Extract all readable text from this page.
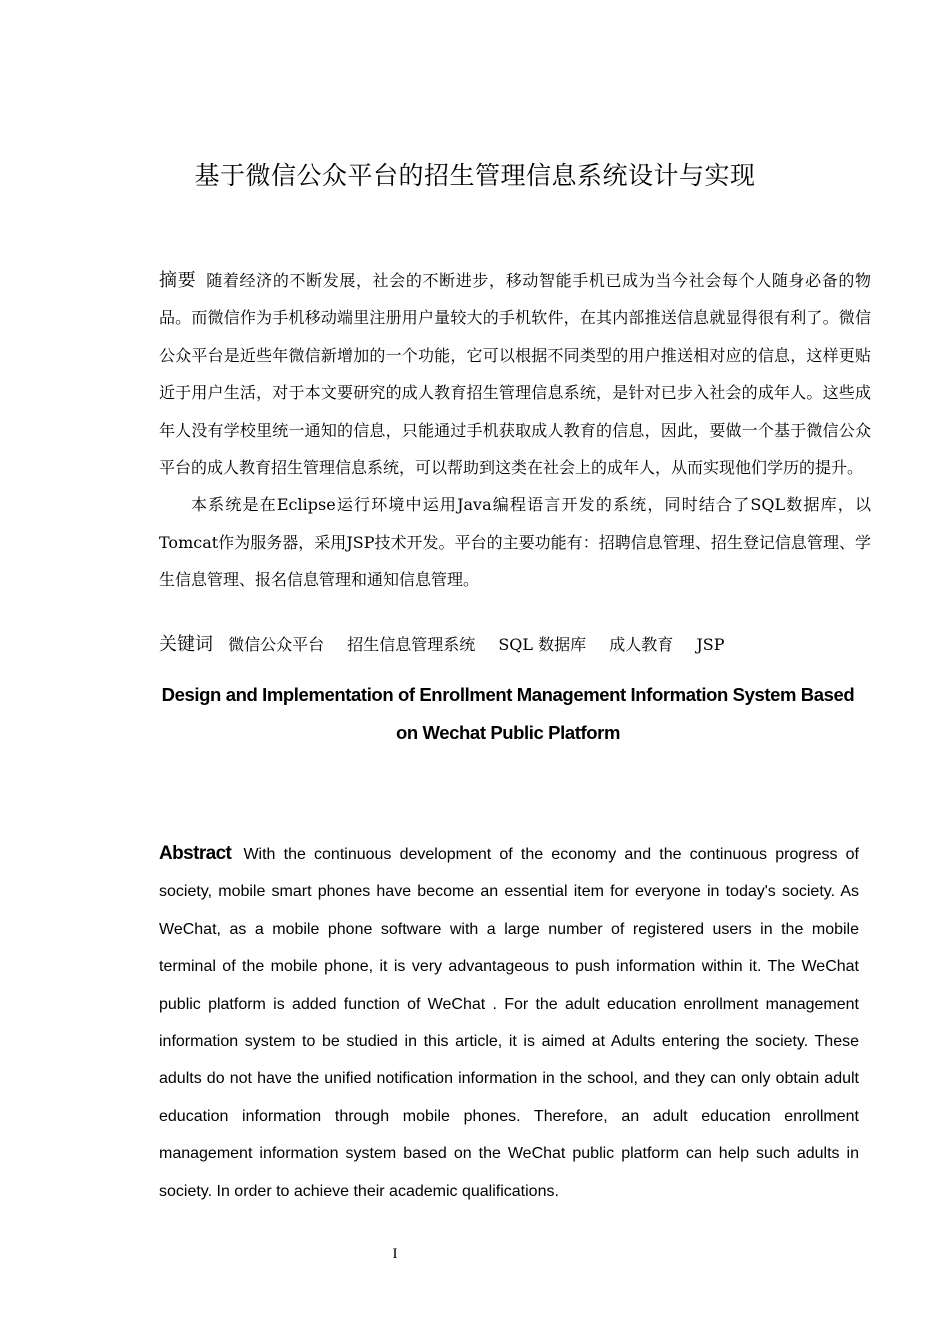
基于微信公众平台的招生管理信息系统设计与实现

摘要 随着经济的不断发展，社会的不断进步，移动智能手机已成为当今社会每个人随身必备的物品。而微信作为手机移动端里注册用户量较大的手机软件，在其内部推送信息就显得很有利了。微信公众平台是近些年微信新增加的一个功能，它可以根据不同类型的用户推送相对应的信息，这样更贴近于用户生活，对于本文要研究的成人教育招生管理信息系统，是针对已步入社会的成年人。这些成年人没有学校里统一通知的信息，只能通过手机获取成人教育的信息，因此，要做一个基于微信公众平台的成人教育招生管理信息系统，可以帮助到这类在社会上的成年人，从而实现他们学历的提升。

本系统是在Eclipse运行环境中运用Java编程语言开发的系统，同时结合了SQL数据库，以Tomcat作为服务器，采用JSP技术开发。平台的主要功能有：招聘信息管理、招生登记信息管理、学生信息管理、报名信息管理和通知信息管理。

关键词 微信公众平台 招生信息管理系统 SQL 数据库 成人教育 JSP
Design and Implementation of Enrollment Management Information System Based on Wechat Public Platform

Abstract With the continuous development of the economy and the continuous progress of society, mobile smart phones have become an essential item for everyone in today's society. As WeChat, as a mobile phone software with a large number of registered users in the mobile terminal of the mobile phone, it is very advantageous to push information within it. The WeChat public platform is added function of WeChat . For the adult education enrollment management information system to be studied in this article, it is aimed at Adults entering the society. These adults do not have the unified notification information in the school, and they can only obtain adult education information through mobile phones. Therefore, an adult education enrollment management information system based on the WeChat public platform can help such adults in society. In order to achieve their academic qualifications.

I
